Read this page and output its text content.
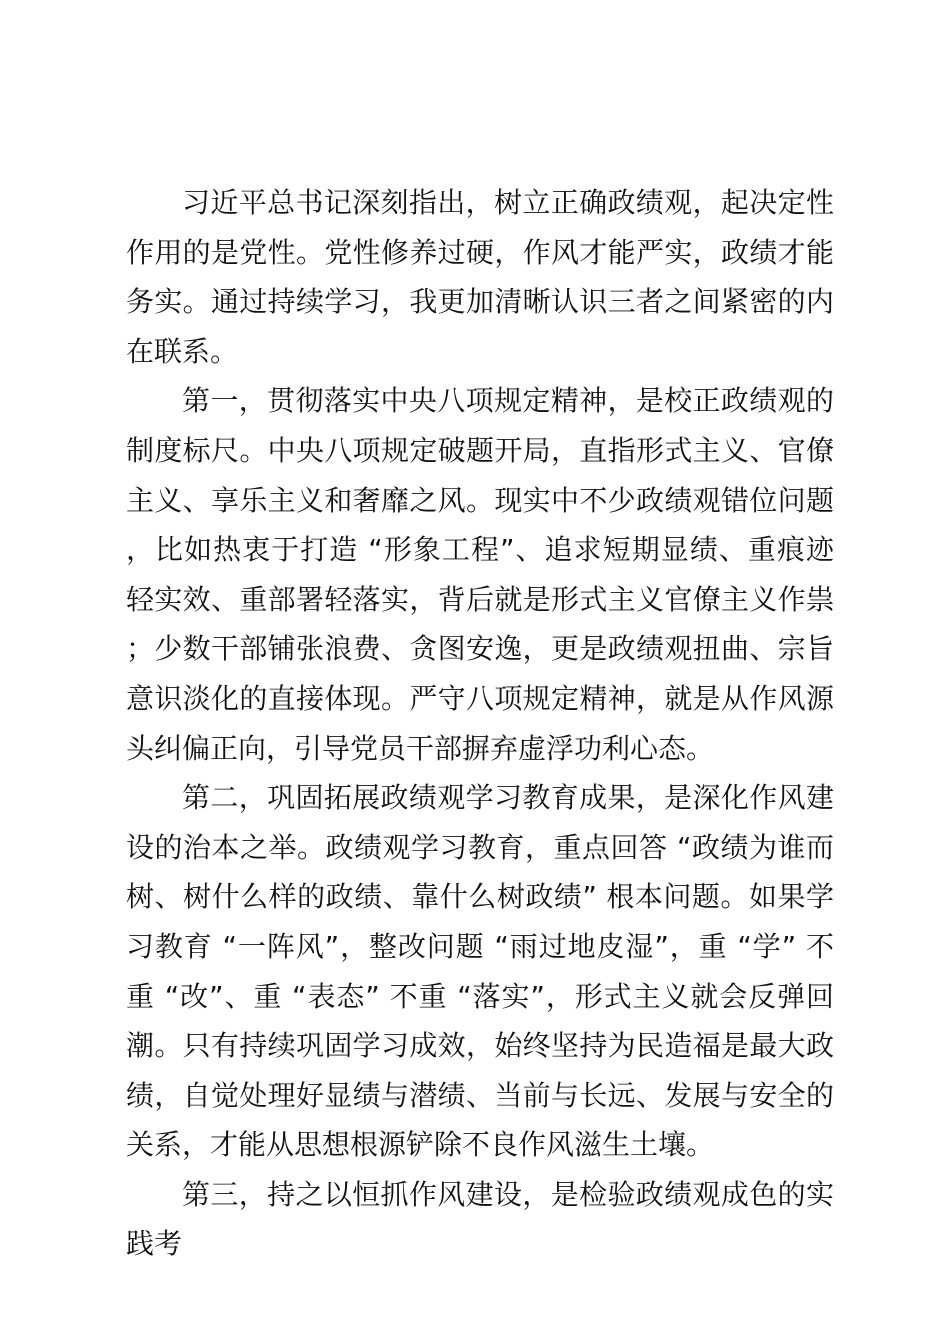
习近平总书记深刻指出，树立正确政绩观，起决定性作用的是党性。党性修养过硬，作风才能严实，政绩才能务实。通过持续学习，我更加清晰认识三者之间紧密的内在联系。

第一，贯彻落实中央八项规定精神，是校正政绩观的制度标尺。中央八项规定破题开局，直指形式主义、官僚主义、享乐主义和奢靡之风。现实中不少政绩观错位问题，比如热衷于打造 “形象工程”、追求短期显绩、重痕迹轻实效、重部署轻落实，背后就是形式主义官僚主义作祟；少数干部铺张浪费、贪图安逸，更是政绩观扭曲、宗旨意识淡化的直接体现。严守八项规定精神，就是从作风源头纠偏正向，引导党员干部摒弃虚浮功利心态。

第二，巩固拓展政绩观学习教育成果，是深化作风建设的治本之举。政绩观学习教育，重点回答 “政绩为谁而树、树什么样的政绩、靠什么树政绩” 根本问题。如果学习教育 “一阵风”，整改问题 “雨过地皮湿”，重 “学” 不重 “改”、重 “表态” 不重 “落实”，形式主义就会反弹回潮。只有持续巩固学习成效，始终坚持为民造福是最大政绩，自觉处理好显绩与潜绩、当前与长远、发展与安全的关系，才能从思想根源铲除不良作风滋生土壤。

第三，持之以恒抓作风建设，是检验政绩观成色的实践考
